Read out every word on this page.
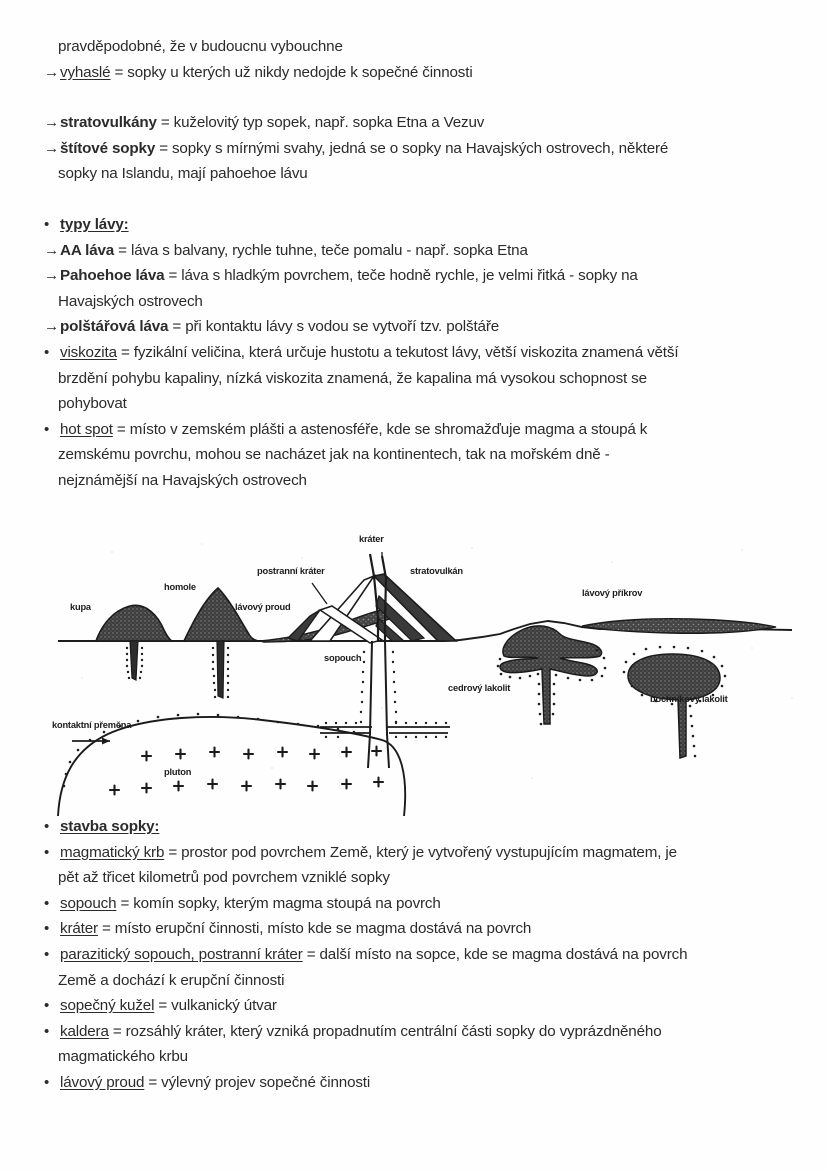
pravděpodobné, že v budoucnu vybouchne
→vyhaslé = sopky u kterých už nikdy nedojde k sopečné činnosti
→stratovulkány = kuželovitý typ sopek, např. sopka Etna a Vezuv
→štítové sopky = sopky s mírnými svahy, jedná se o sopky na Havajských ostrovech, některé
sopky na Islandu, mají pahoehoe lávu
• typy lávy:
→AA láva = láva s balvany, rychle tuhne, teče pomalu - např. sopka Etna
→Pahoehoe láva = láva s hladkým povrchem, teče hodně rychle, je velmi řitká - sopky na
Havajských ostrovech
→polštářová láva = při kontaktu lávy s vodou se vytvoří tzv. polštáře
• viskozita = fyzikální veličina, která určuje hustotu a tekutost lávy, větší viskozita znamená větší
brzdění pohybu kapaliny, nízká viskozita znamená, že kapalina má vysokou schopnost se
pohybovat
• hot spot = místo v zemském plášti a astenosféře, kde se shromažďuje magma a stoupá k
zemskému povrchu, mohou se nacházet jak na kontinentech, tak na mořském dně -
nejznámější na Havajských ostrovech
kupa
homole
lávový proud
postranní kráter
kráter
stratovulkán
lávový příkrov
sopouch
cedrový lakolit
bochníkový lakolit
kontaktní přeměna
pluton
• stavba sopky:
• magmatický krb = prostor pod povrchem Země, který je vytvořený vystupujícím magmatem, je
pět až třicet kilometrů pod povrchem vzniklé sopky
• sopouch = komín sopky, kterým magma stoupá na povrch
• kráter = místo erupční činnosti, místo kde se magma dostává na povrch
• parazitický sopouch, postranní kráter = další místo na sopce, kde se magma dostává na povrch
Země a dochází k erupční činnosti
• sopečný kužel = vulkanický útvar
• kaldera = rozsáhlý kráter, který vzniká propadnutím centrální části sopky do vyprázdněného
magmatického krbu
• lávový proud = výlevný projev sopečné činnosti
